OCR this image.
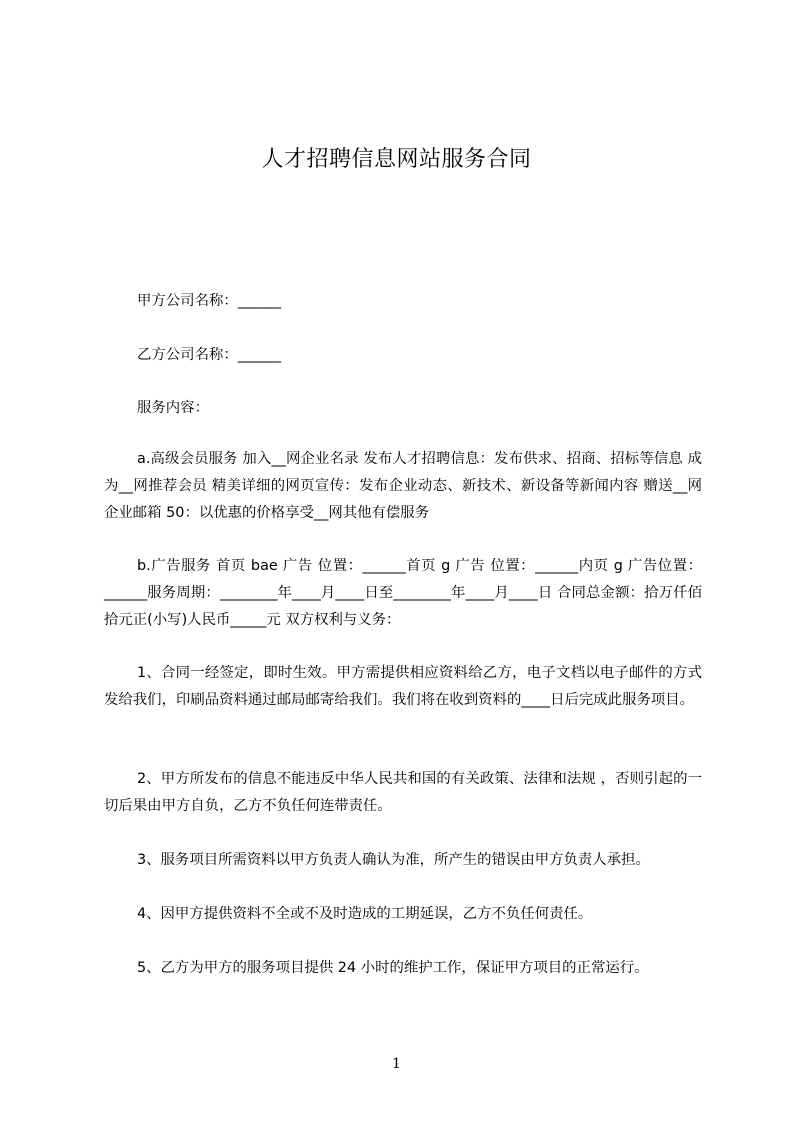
人才招聘信息网站服务合同
甲方公司名称：______
乙方公司名称：______
服务内容：
a.高级会员服务 加入__网企业名录 发布人才招聘信息：发布供求、招商、招标等信息 成为__网推荐会员 精美详细的网页宣传：发布企业动态、新技术、新设备等新闻内容 赠送__网企业邮箱 50：以优惠的价格享受__网其他有偿服务
b.广告服务 首页 bae 广告 位置：______首页 g 广告 位置：______内页 g 广告位置：______服务周期：________年____月____日至________年____月____日 合同总金额：拾万仟佰拾元正(小写)人民币_____元 双方权利与义务：
1、合同一经签定，即时生效。甲方需提供相应资料给乙方，电子文档以电子邮件的方式发给我们，印刷品资料通过邮局邮寄给我们。我们将在收到资料的____日后完成此服务项目。
2、甲方所发布的信息不能违反中华人民共和国的有关政策、法律和法规 ，否则引起的一切后果由甲方自负，乙方不负任何连带责任。
3、服务项目所需资料以甲方负责人确认为准，所产生的错误由甲方负责人承担。
4、因甲方提供资料不全或不及时造成的工期延误，乙方不负任何责任。
5、乙方为甲方的服务项目提供 24 小时的维护工作，保证甲方项目的正常运行。
1
